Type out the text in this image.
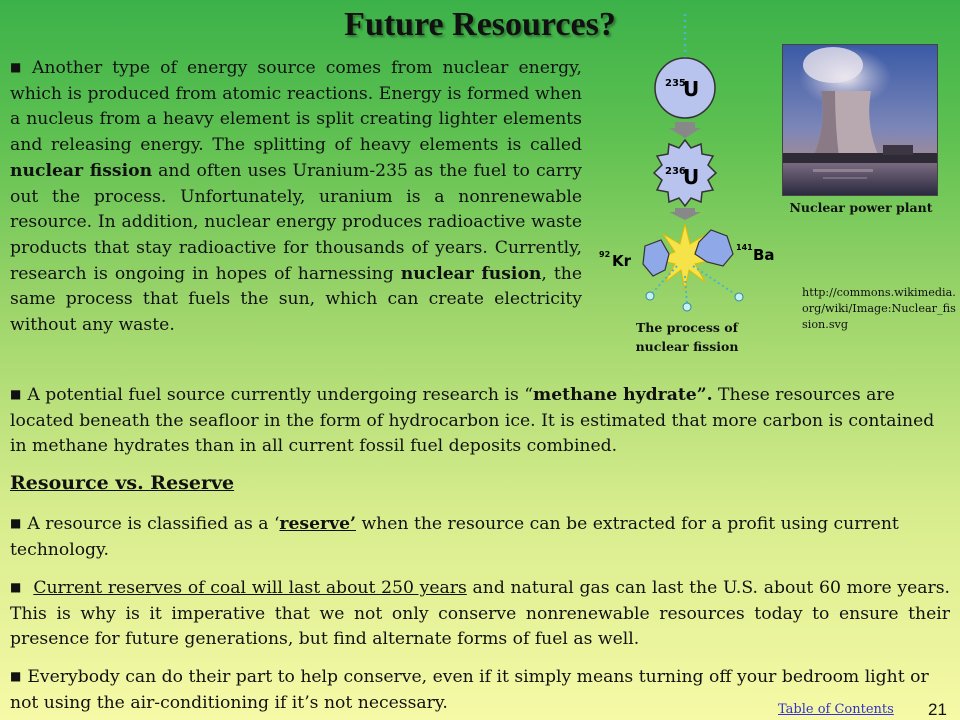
Future Resources?
■ Another type of energy source comes from nuclear energy, which is produced from atomic reactions. Energy is formed when a nucleus from a heavy element is split creating lighter elements and releasing energy. The splitting of heavy elements is called nuclear fission and often uses Uranium-235 as the fuel to carry out the process. Unfortunately, uranium is a nonrenewable resource. In addition, nuclear energy produces radioactive waste products that stay radioactive for thousands of years. Currently, research is ongoing in hopes of harnessing nuclear fusion, the same process that fuels the sun, which can create electricity without any waste.
235
U
236
U
92 Kr
141 Ba
The process of nuclear fission
Nuclear power plant
http://commons.wikimedia.org/wiki/Image:Nuclear_fission.svg
■ A potential fuel source currently undergoing research is “methane hydrate”. These resources are located beneath the seafloor in the form of hydrocarbon ice. It is estimated that more carbon is contained in methane hydrates than in all current fossil fuel deposits combined.
Resource vs. Reserve
■ A resource is classified as a ‘reserve’ when the resource can be extracted for a profit using current technology.
■ Current reserves of coal will last about 250 years and natural gas can last the U.S. about 60 more years. This is why is it imperative that we not only conserve nonrenewable resources today to ensure their presence for future generations, but find alternate forms of fuel as well.
■ Everybody can do their part to help conserve, even if it simply means turning off your bedroom light or not using the air-conditioning if it’s not necessary.	Table of Contents 21
